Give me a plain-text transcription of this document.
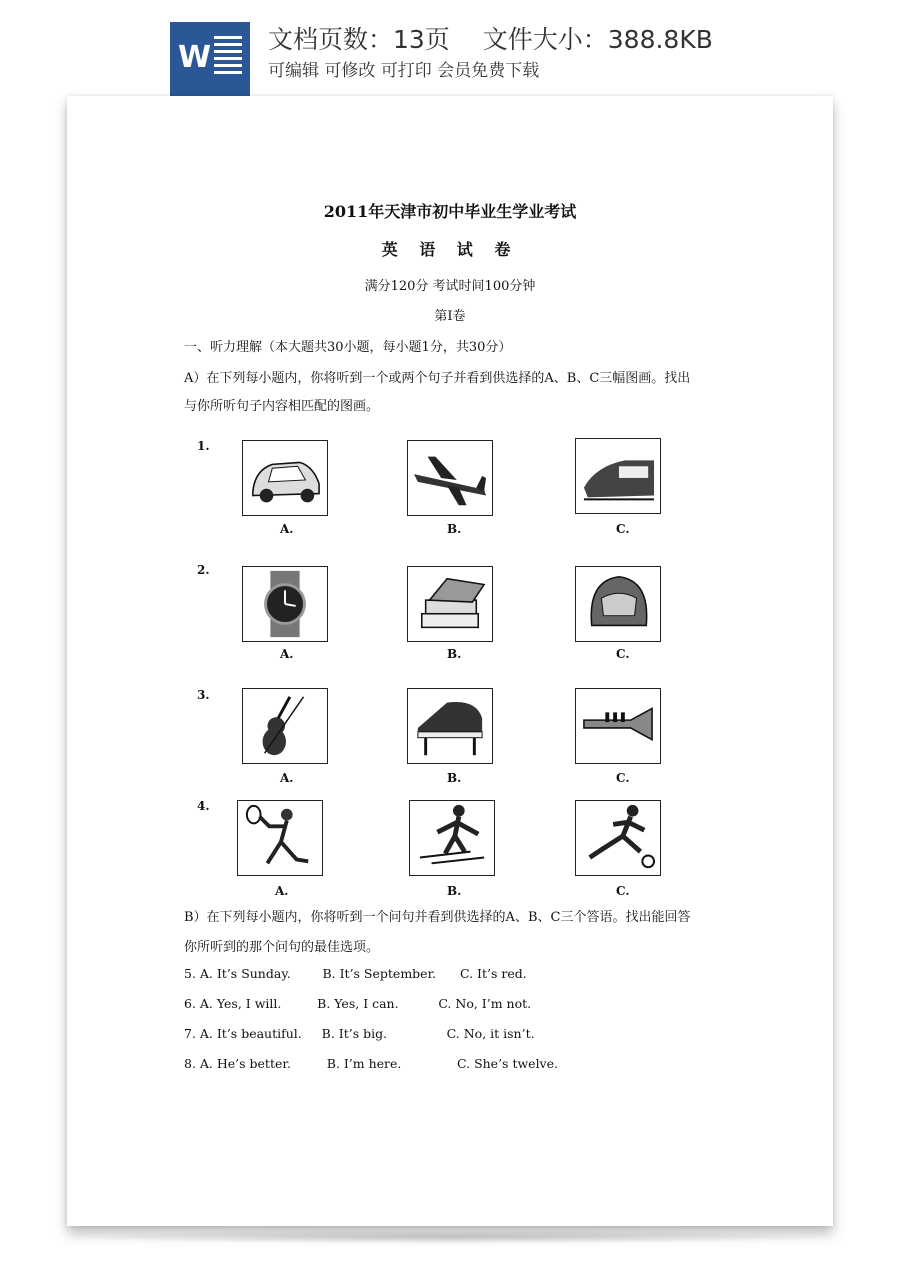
W
文档页数：13页　 文件大小：388.8KB
可编辑 可修改 可打印 会员免费下载
2011年天津市初中毕业生学业考试
英 语 试 卷
满分120分 考试时间100分钟
第I卷
一、听力理解（本大题共30小题，每小题1分，共30分）
A）在下列每小题内，你将听到一个或两个句子并看到供选择的A、B、C三幅图画。找出
与你所听句子内容相匹配的图画。
1.
A.	B.	C.
2.
A.	B.	C.
3.
A.	B.	C.
4.
A.	B.	C.
B）在下列每小题内，你将听到一个问句并看到供选择的A、B、C三个答语。找出能回答
你所听到的那个问句的最佳选项。
5. A. It’s Sunday.        B. It’s September.      C. It’s red.
6. A. Yes, I will.         B. Yes, I can.          C. No, I’m not.
7. A. It’s beautiful.     B. It’s big.               C. No, it isn’t.
8. A. He’s better.         B. I’m here.              C. She’s twelve.
